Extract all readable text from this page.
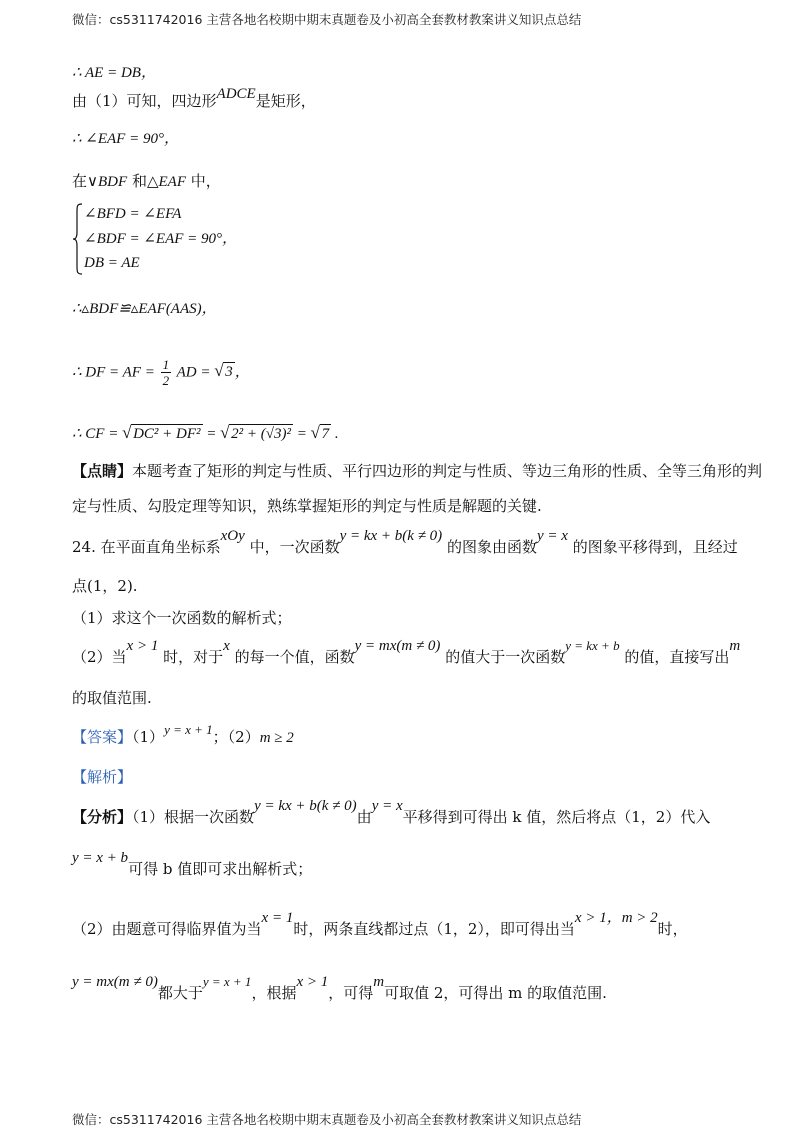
微信：cs5311742016 主营各地名校期中期末真题卷及小初高全套教材教案讲义知识点总结
∴ AE = DB，
由（1）可知，四边形ADCE是矩形，
∴ ∠EAF = 90°，
在∨BDF 和△EAF 中，
∠BFD = ∠EFA
∠BDF = ∠EAF = 90°，
DB = AE
∴▵BDF≌▵EAF(AAS)，
∴ DF = AF = $\frac{1}{2}$ AD = √ 3 ，
∴ CF = √ DC² + DF² = √ 2² + (√3)² = √ 7 .
【点睛】本题考查了矩形的判定与性质、平行四边形的判定与性质、等边三角形的性质、全等三角形的判
定与性质、勾股定理等知识，熟练掌握矩形的判定与性质是解题的关键.
24. 在平面直角坐标系xOy 中，一次函数y = kx + b(k ≠ 0) 的图象由函数y = x 的图象平移得到，且经过
点(1，2).
（1）求这个一次函数的解析式；
（2）当x > 1 时，对于x 的每一个值，函数y = mx(m ≠ 0) 的值大于一次函数y = kx + b 的值，直接写出m
的取值范围.
【答案】（1）y = x + 1；（2）m ≥ 2
【解析】
【分析】（1）根据一次函数y = kx + b(k ≠ 0)由y = x平移得到可得出 k 值，然后将点（1，2）代入
y = x + b可得 b 值即可求出解析式；
（2）由题意可得临界值为当x = 1时，两条直线都过点（1，2），即可得出当x > 1，m > 2时，
y = mx(m ≠ 0)都大于y = x + 1，根据x > 1，可得m可取值 2，可得出 m 的取值范围.
微信：cs5311742016 主营各地名校期中期末真题卷及小初高全套教材教案讲义知识点总结
